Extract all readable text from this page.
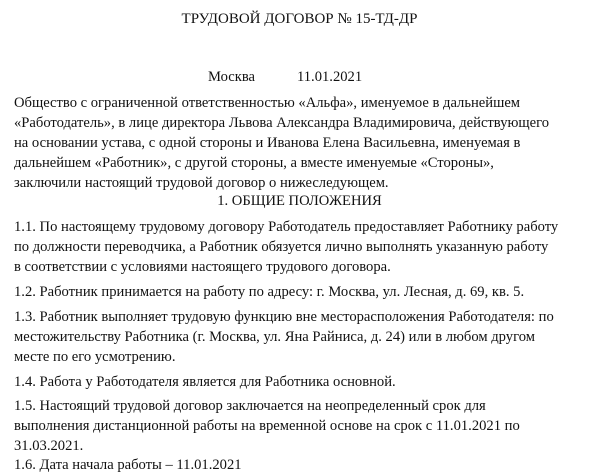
ТРУДОВОЙ ДОГОВОР № 15-ТД-ДР
Москва	11.01.2021
Общество с ограниченной ответственностью «Альфа», именуемое в дальнейшем
«Работодатель», в лице директора Львова Александра Владимировича, действующего
на основании устава, с одной стороны и Иванова Елена Васильевна, именуемая в
дальнейшем «Работник», с другой стороны, а вместе именуемые «Стороны»,
заключили настоящий трудовой договор о нижеследующем.
1. ОБЩИЕ ПОЛОЖЕНИЯ
1.1. По настоящему трудовому договору Работодатель предоставляет Работнику работу
по должности переводчика, а Работник обязуется лично выполнять указанную работу
в соответствии с условиями настоящего трудового договора.
1.2. Работник принимается на работу по адресу: г. Москва, ул. Лесная, д. 69, кв. 5.
1.3. Работник выполняет трудовую функцию вне месторасположения Работодателя: по
местожительству Работника (г. Москва, ул. Яна Райниса, д. 24) или в любом другом
месте по его усмотрению.
1.4. Работа у Работодателя является для Работника основной.
1.5. Настоящий трудовой договор заключается на неопределенный срок для
выполнения дистанционной работы на временной основе на срок с 11.01.2021 по
31.03.2021.
1.6. Дата начала работы – 11.01.2021
